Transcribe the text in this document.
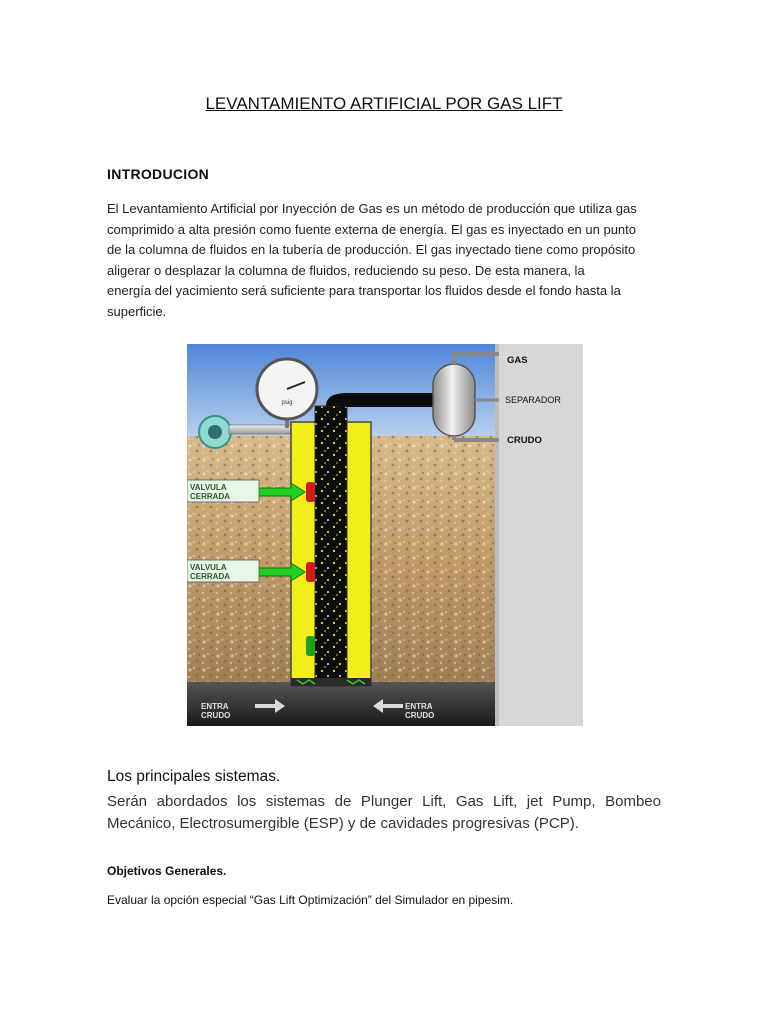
LEVANTAMIENTO ARTIFICIAL POR GAS LIFT
INTRODUCION
El Levantamiento Artificial por Inyección de Gas es un método de producción que utiliza gas
comprimido a alta presión como fuente externa de energía. El gas es inyectado en un punto
de la columna de fluidos en la tubería de producción. El gas inyectado tiene como propósito
aligerar o desplazar la columna de fluidos, reduciendo su peso. De esta manera, la
energía del yacimiento será suficiente para transportar los fluidos desde el fondo hasta la
superficie.
psig
VALVULA
CERRADA
VALVULA
CERRADA
ENTRA
CRUDO
ENTRA
CRUDO
GAS
SEPARADOR
CRUDO
Los principales sistemas.
Serán abordados los sistemas de Plunger Lift, Gas Lift, jet Pump, Bombeo Mecánico, Electrosumergible (ESP) y de cavidades progresivas (PCP).
Objetivos Generales.
Evaluar la opción especial “Gas Lift Optimización” del Simulador en pipesim.
